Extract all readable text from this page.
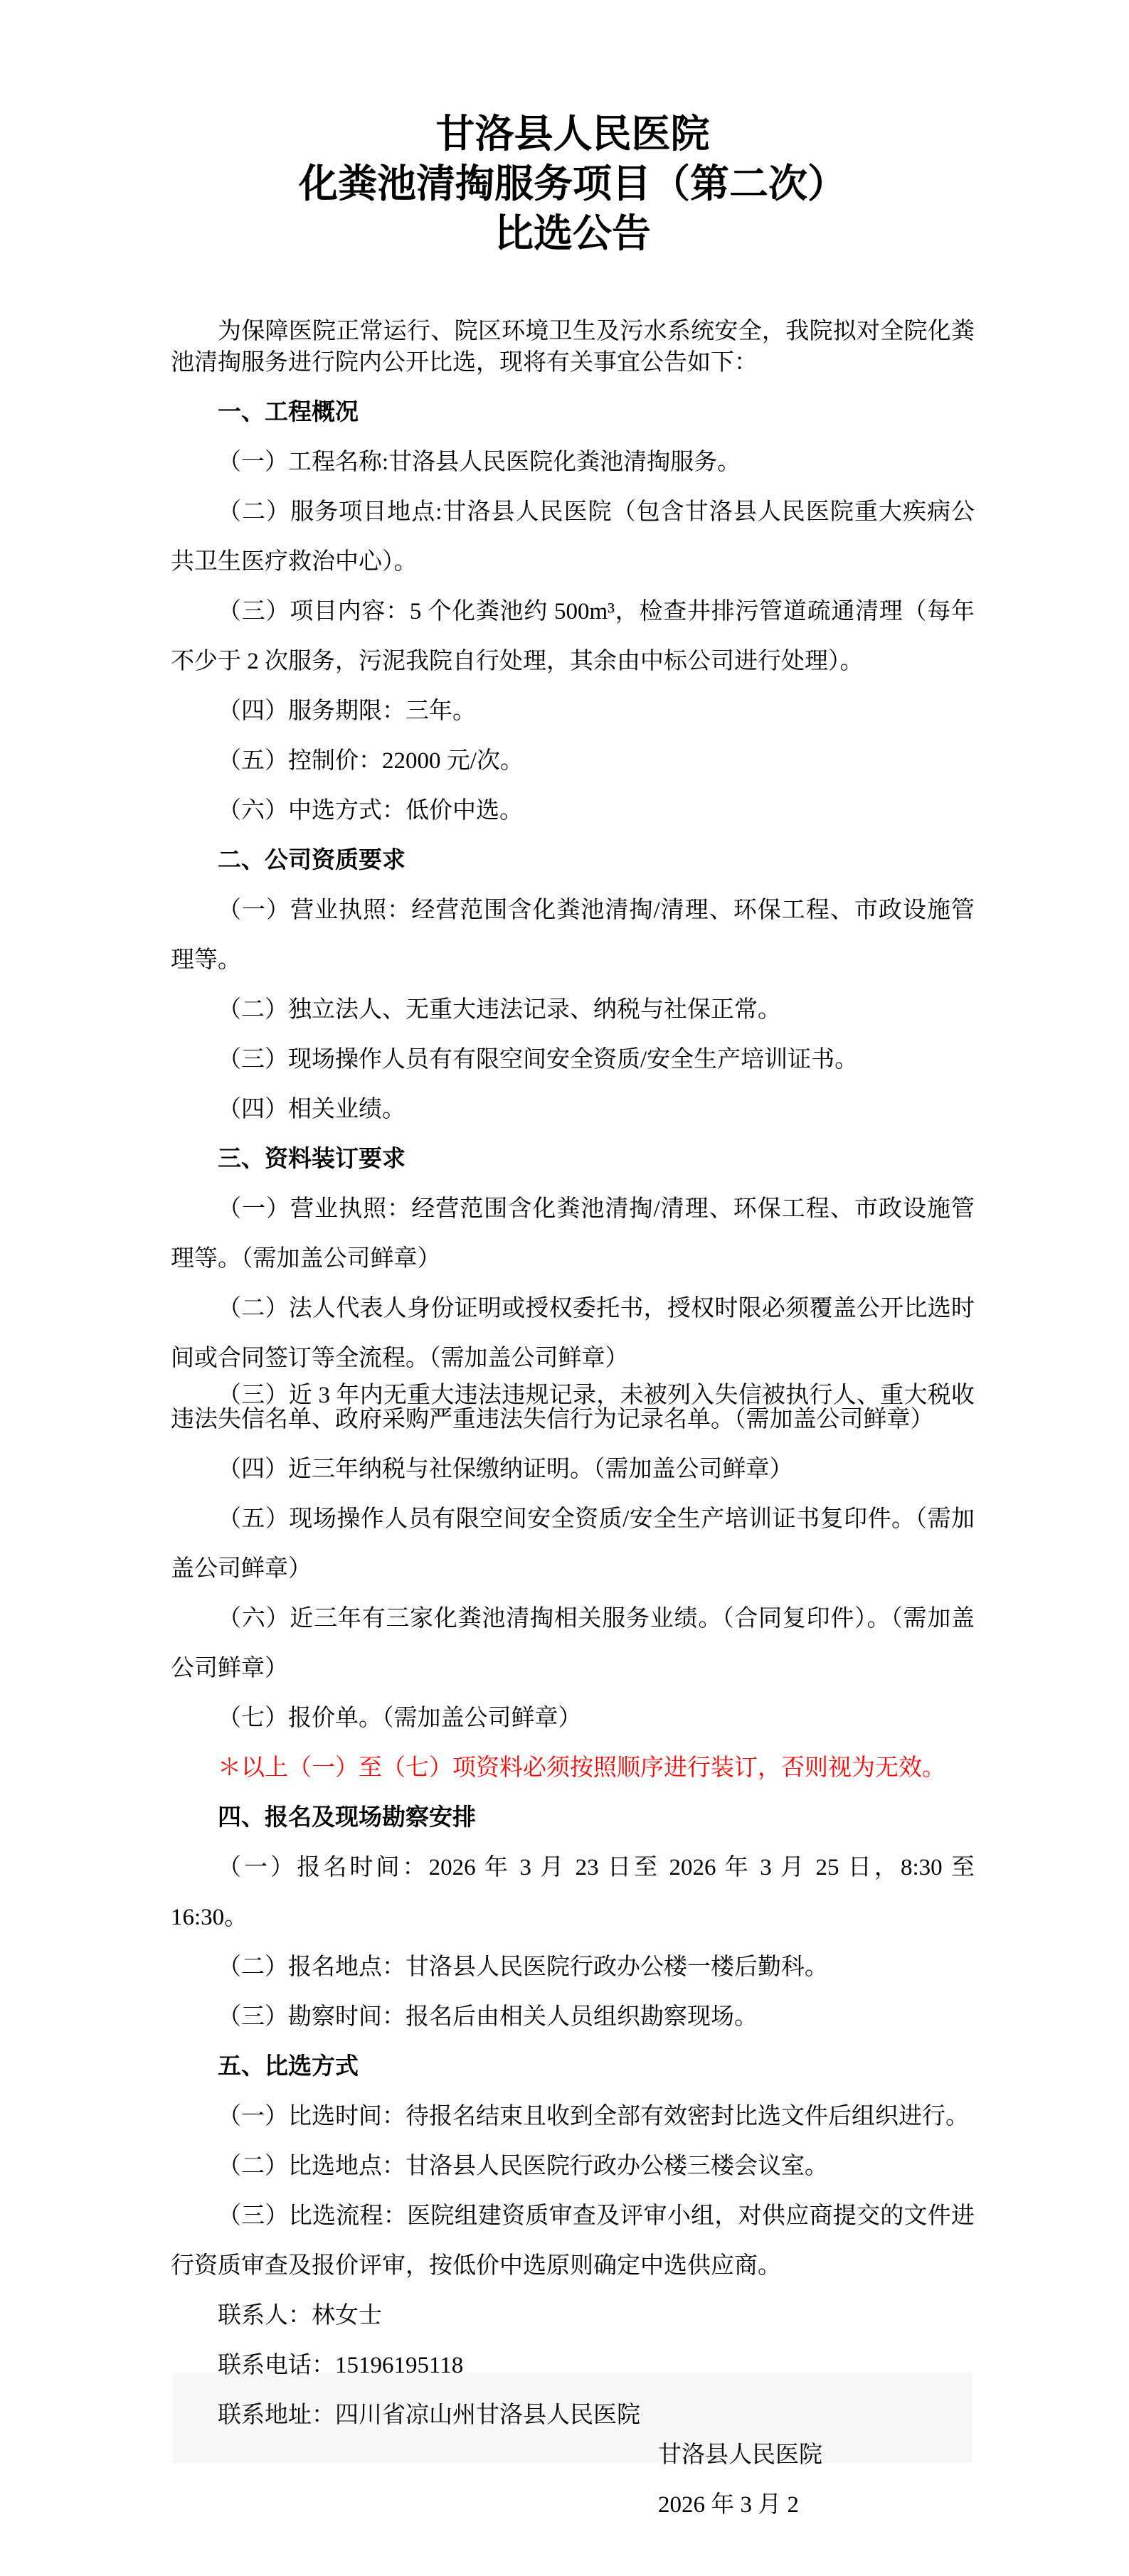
甘洛县人民医院
化粪池清掏服务项目（第二次）
比选公告

为保障医院正常运行、院区环境卫生及污水系统安全，我院拟对全院化粪池清掏服务进行院内公开比选，现将有关事宜公告如下：

一、工程概况

（一）工程名称:甘洛县人民医院化粪池清掏服务。

（二）服务项目地点:甘洛县人民医院（包含甘洛县人民医院重大疾病公共卫生医疗救治中心）。

（三）项目内容：5 个化粪池约 500m³，检查井排污管道疏通清理（每年不少于 2 次服务，污泥我院自行处理，其余由中标公司进行处理）。

（四）服务期限：三年。

（五）控制价：22000 元/次。

（六）中选方式：低价中选。

二、公司资质要求

（一）营业执照：经营范围含化粪池清掏/清理、环保工程、市政设施管理等。

（二）独立法人、无重大违法记录、纳税与社保正常。

（三）现场操作人员有有限空间安全资质/安全生产培训证书。

（四）相关业绩。

三、资料装订要求

（一）营业执照：经营范围含化粪池清掏/清理、环保工程、市政设施管理等。（需加盖公司鲜章）

（二）法人代表人身份证明或授权委托书，授权时限必须覆盖公开比选时间或合同签订等全流程。（需加盖公司鲜章）

（三）近 3 年内无重大违法违规记录，未被列入失信被执行人、重大税收违法失信名单、政府采购严重违法失信行为记录名单。（需加盖公司鲜章）

（四）近三年纳税与社保缴纳证明。（需加盖公司鲜章）

（五）现场操作人员有限空间安全资质/安全生产培训证书复印件。（需加盖公司鲜章）

（六）近三年有三家化粪池清掏相关服务业绩。（合同复印件）。（需加盖公司鲜章）

（七）报价单。（需加盖公司鲜章）

＊以上（一）至（七）项资料必须按照顺序进行装订，否则视为无效。

四、报名及现场勘察安排

（一）报名时间：2026 年 3 月 23 日至 2026 年 3 月 25 日，8:30 至 16:30。

（二）报名地点：甘洛县人民医院行政办公楼一楼后勤科。

（三）勘察时间：报名后由相关人员组织勘察现场。

五、比选方式

（一）比选时间：待报名结束且收到全部有效密封比选文件后组织进行。

（二）比选地点：甘洛县人民医院行政办公楼三楼会议室。

（三）比选流程：医院组建资质审查及评审小组，对供应商提交的文件进行资质审查及报价评审，按低价中选原则确定中选供应商。

联系人：林女士

联系电话：15196195118

联系地址：四川省凉山州甘洛县人民医院

甘洛县人民医院

2026 年 3 月 2
